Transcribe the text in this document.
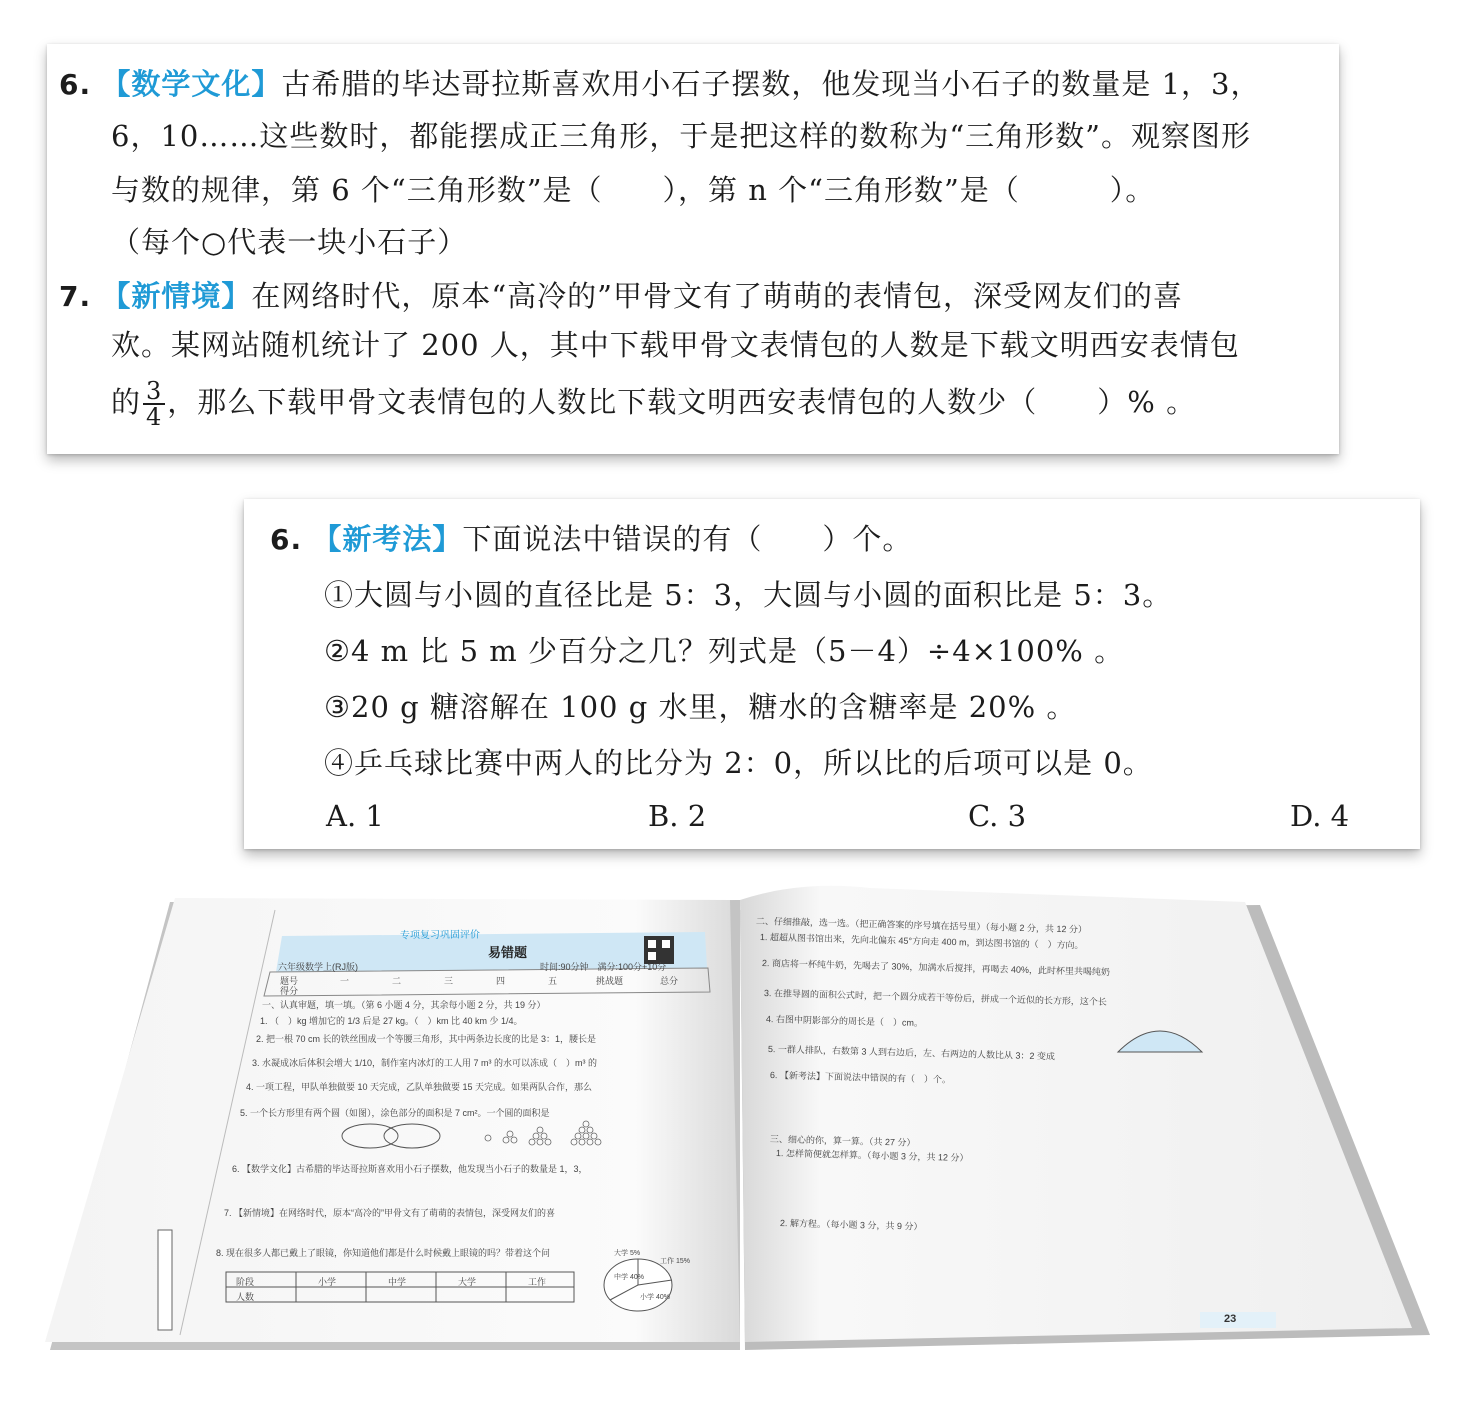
6. 【数学文化】古希腊的毕达哥拉斯喜欢用小石子摆数，他发现当小石子的数量是 1，3，
6，10……这些数时，都能摆成正三角形，于是把这样的数称为“三角形数”。观察图形
与数的规律，第 6 个“三角形数”是（　　），第 n 个“三角形数”是（　　　）。
（每个○代表一块小石子）
7. 【新情境】在网络时代，原本“高冷的”甲骨文有了萌萌的表情包，深受网友们的喜
欢。某网站随机统计了 200 人，其中下载甲骨文表情包的人数是下载文明西安表情包
的 $\frac{3}{4}$ ，那么下载甲骨文表情包的人数比下载文明西安表情包的人数少（　　）% 。
6. 【新考法】下面说法中错误的有（　　）个。
①大圆与小圆的直径比是 5：3，大圆与小圆的面积比是 5：3。
②4 m 比 5 m 少百分之几？列式是（5－4）÷4×100% 。
③20 g 糖溶解在 100 g 水里，糖水的含糖率是 20% 。
④乒乓球比赛中两人的比分为 2：0，所以比的后项可以是 0。
A. 1	B. 2	C. 3	D. 4
专项复习巩固评价
易错题
六年级数学上(RJ版)	时间:90分钟　满分:100分+10分
题号	一	二	三	四	五	挑战题	总分
得分
一、认真审题，填一填。（第 6 小题 4 分，其余每小题 2 分，共 19 分）
1. （　）kg 增加它的 1/3 后是 27 kg。（　）km 比 40 km 少 1/4。
2. 把一根 70 cm 长的铁丝围成一个等腰三角形，其中两条边长度的比是 3：1，腰长是
3. 水凝成冰后体积会增大 1/10，制作室内冰灯的工人用 7 m³ 的水可以冻成（　）m³ 的
4. 一项工程，甲队单独做要 10 天完成，乙队单独做要 15 天完成。如果两队合作，那么
5. 一个长方形里有两个圆（如图），涂色部分的面积是 7 cm²。一个圆的面积是
6. 【数学文化】古希腊的毕达哥拉斯喜欢用小石子摆数，他发现当小石子的数量是 1，3，
7. 【新情境】在网络时代，原本“高冷的”甲骨文有了萌萌的表情包，深受网友们的喜
8. 现在很多人都已戴上了眼镜，你知道他们都是什么时候戴上眼镜的吗？带着这个问
阶段	小学	中学	大学	工作
人数
中学 40%
小学 40%
大学 5%
工作 15%
二、仔细推敲，选一选。（把正确答案的序号填在括号里）（每小题 2 分，共 12 分）
1. 超超从图书馆出来，先向北偏东 45°方向走 400 m，到达图书馆的（　）方向。
2. 商店将一杯纯牛奶，先喝去了 30%，加满水后搅拌，再喝去 40%，此时杯里共喝纯奶
3. 在推导圆的面积公式时，把一个圆分成若干等份后，拼成一个近似的长方形，这个长
4. 右图中阴影部分的周长是（　）cm。
5. 一群人排队，右数第 3 人到右边后，左、右两边的人数比从 3：2 变成
6. 【新考法】下面说法中错误的有（　）个。
三、细心的你，算一算。（共 27 分）
1. 怎样简便就怎样算。（每小题 3 分，共 12 分）
2. 解方程。（每小题 3 分，共 9 分）
23
